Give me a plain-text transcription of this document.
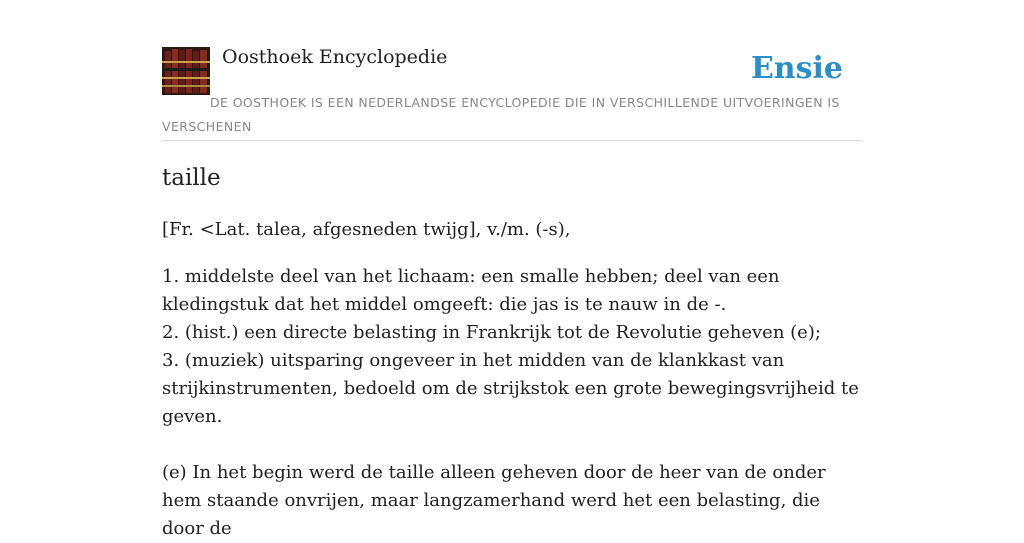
Oosthoek Encyclopedie	Ensie
DE OOSTHOEK IS EEN NEDERLANDSE ENCYCLOPEDIE DIE IN VERSCHILLENDE UITVOERINGEN IS VERSCHENEN
taille

[Fr. <Lat. talea, afgesneden twijg], v./m. (-s),

1. middelste deel van het lichaam: een smalle hebben; deel van een kledingstuk dat het middel omgeeft: die jas is te nauw in de -.
2. (hist.) een directe belasting in Frankrijk tot de Revolutie geheven (e);
3. (muziek) uitsparing ongeveer in het midden van de klankkast van strijkinstrumenten, bedoeld om de strijkstok een grote bewegingsvrijheid te geven.

(e) In het begin werd de taille alleen geheven door de heer van de onder hem staande onvrijen, maar langzamerhand werd het een belasting, die door de
